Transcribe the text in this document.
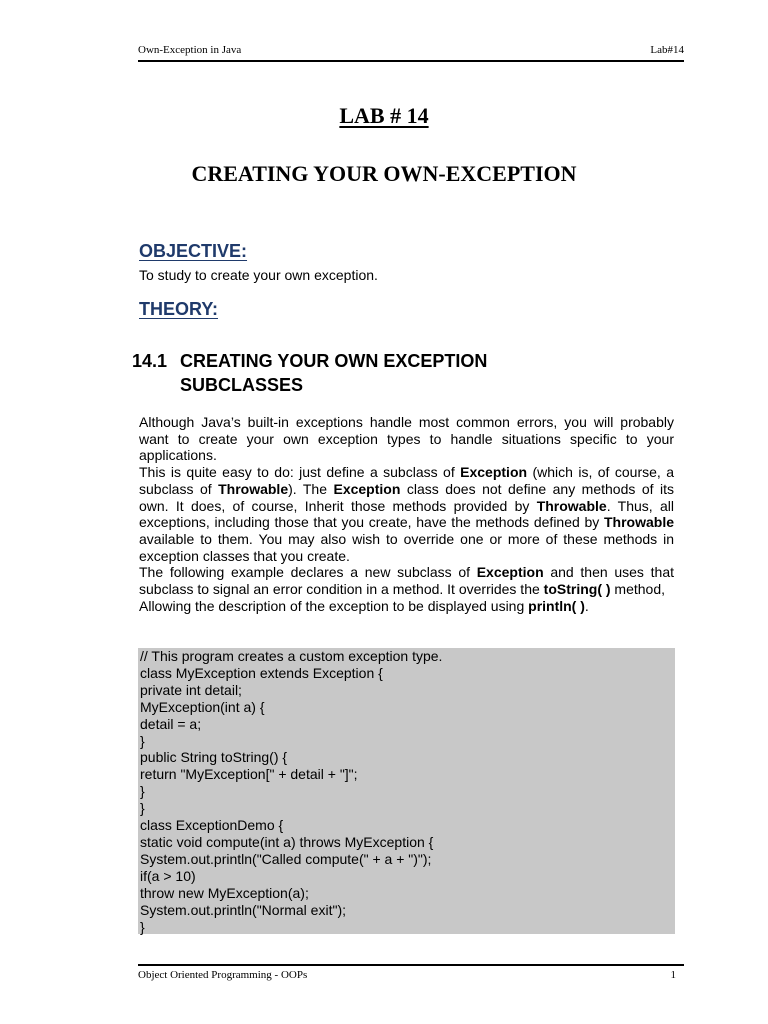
Own-Exception in Java	Lab#14
LAB # 14
CREATING YOUR OWN-EXCEPTION
OBJECTIVE:
To study to create your own exception.
THEORY:
14.1 CREATING YOUR OWN EXCEPTION
SUBCLASSES

Although Java’s built-in exceptions handle most common errors, you will probably want to create your own exception types to handle situations specific to your applications.

This is quite easy to do: just define a subclass of Exception (which is, of course, a subclass of Throwable). The Exception class does not define any methods of its own. It does, of course, Inherit those methods provided by Throwable. Thus, all exceptions, including those that you create, have the methods defined by Throwable available to them. You may also wish to override one or more of these methods in exception classes that you create.

The following example declares a new subclass of Exception and then uses that subclass to signal an error condition in a method. It overrides the toString( ) method,

Allowing the description of the exception to be displayed using println( ).

// This program creates a custom exception type.
class MyException extends Exception {
private int detail;
MyException(int a) {
detail = a;
}
public String toString() {
return "MyException[" + detail + "]";
}
}
class ExceptionDemo {
static void compute(int a) throws MyException {
System.out.println("Called compute(" + a + ")");
if(a > 10)
throw new MyException(a);
System.out.println("Normal exit");
}
Object Oriented Programming - OOPs	1
